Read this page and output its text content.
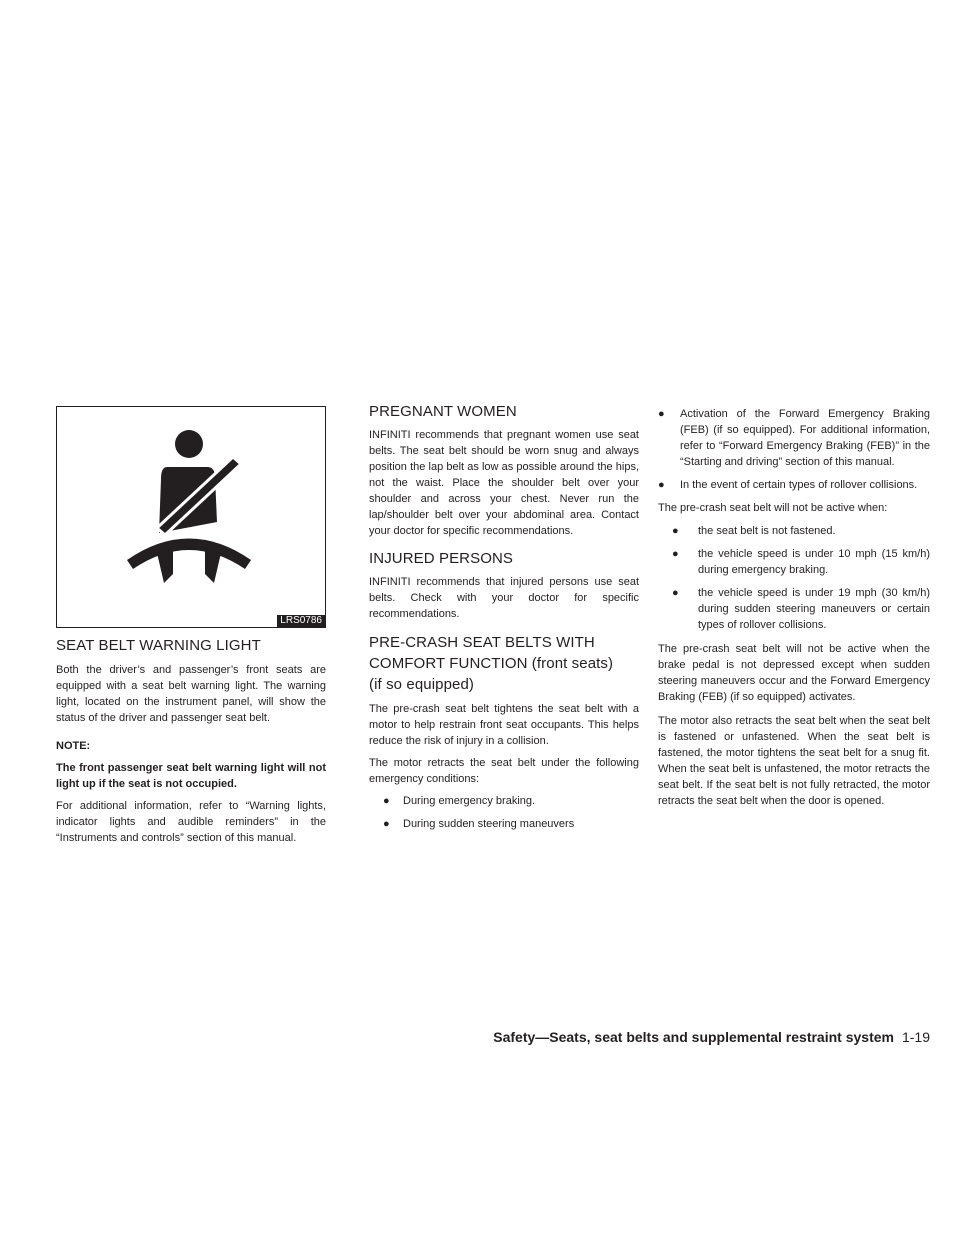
LRS0786
SEAT BELT WARNING LIGHT

Both the driver’s and passenger’s front seats are equipped with a seat belt warning light. The warning light, located on the instrument panel, will show the status of the driver and passenger seat belt.

NOTE:

The front passenger seat belt warning light will not light up if the seat is not occupied.

For additional information, refer to “Warning lights, indicator lights and audible reminders” in the “Instruments and controls” section of this manual.

PREGNANT WOMEN

INFINITI recommends that pregnant women use seat belts. The seat belt should be worn snug and always position the lap belt as low as possible around the hips, not the waist. Place the shoulder belt over your shoulder and across your chest. Never run the lap/shoulder belt over your abdominal area. Contact your doctor for specific recommendations.

INJURED PERSONS

INFINITI recommends that injured persons use seat belts. Check with your doctor for specific recommendations.

PRE-CRASH SEAT BELTS WITH
COMFORT FUNCTION (front seats)
(if so equipped)

The pre-crash seat belt tightens the seat belt with a motor to help restrain front seat occupants. This helps reduce the risk of injury in a collision.

The motor retracts the seat belt under the following emergency conditions:

● During emergency braking.
● During sudden steering maneuvers
● Activation of the Forward Emergency Braking (FEB) (if so equipped). For additional information, refer to “Forward Emergency Braking (FEB)” in the “Starting and driving” section of this manual.
● In the event of certain types of rollover collisions.

The pre-crash seat belt will not be active when:

● the seat belt is not fastened.
● the vehicle speed is under 10 mph (15 km/h) during emergency braking.
● the vehicle speed is under 19 mph (30 km/h) during sudden steering maneuvers or certain types of rollover collisions.

The pre-crash seat belt will not be active when the brake pedal is not depressed except when sudden steering maneuvers occur and the Forward Emergency Braking (FEB) (if so equipped) activates.

The motor also retracts the seat belt when the seat belt is fastened or unfastened. When the seat belt is fastened, the motor tightens the seat belt for a snug fit. When the seat belt is unfastened, the motor retracts the seat belt. If the seat belt is not fully retracted, the motor retracts the seat belt when the door is opened.

Safety—Seats, seat belts and supplemental restraint system 1-19
